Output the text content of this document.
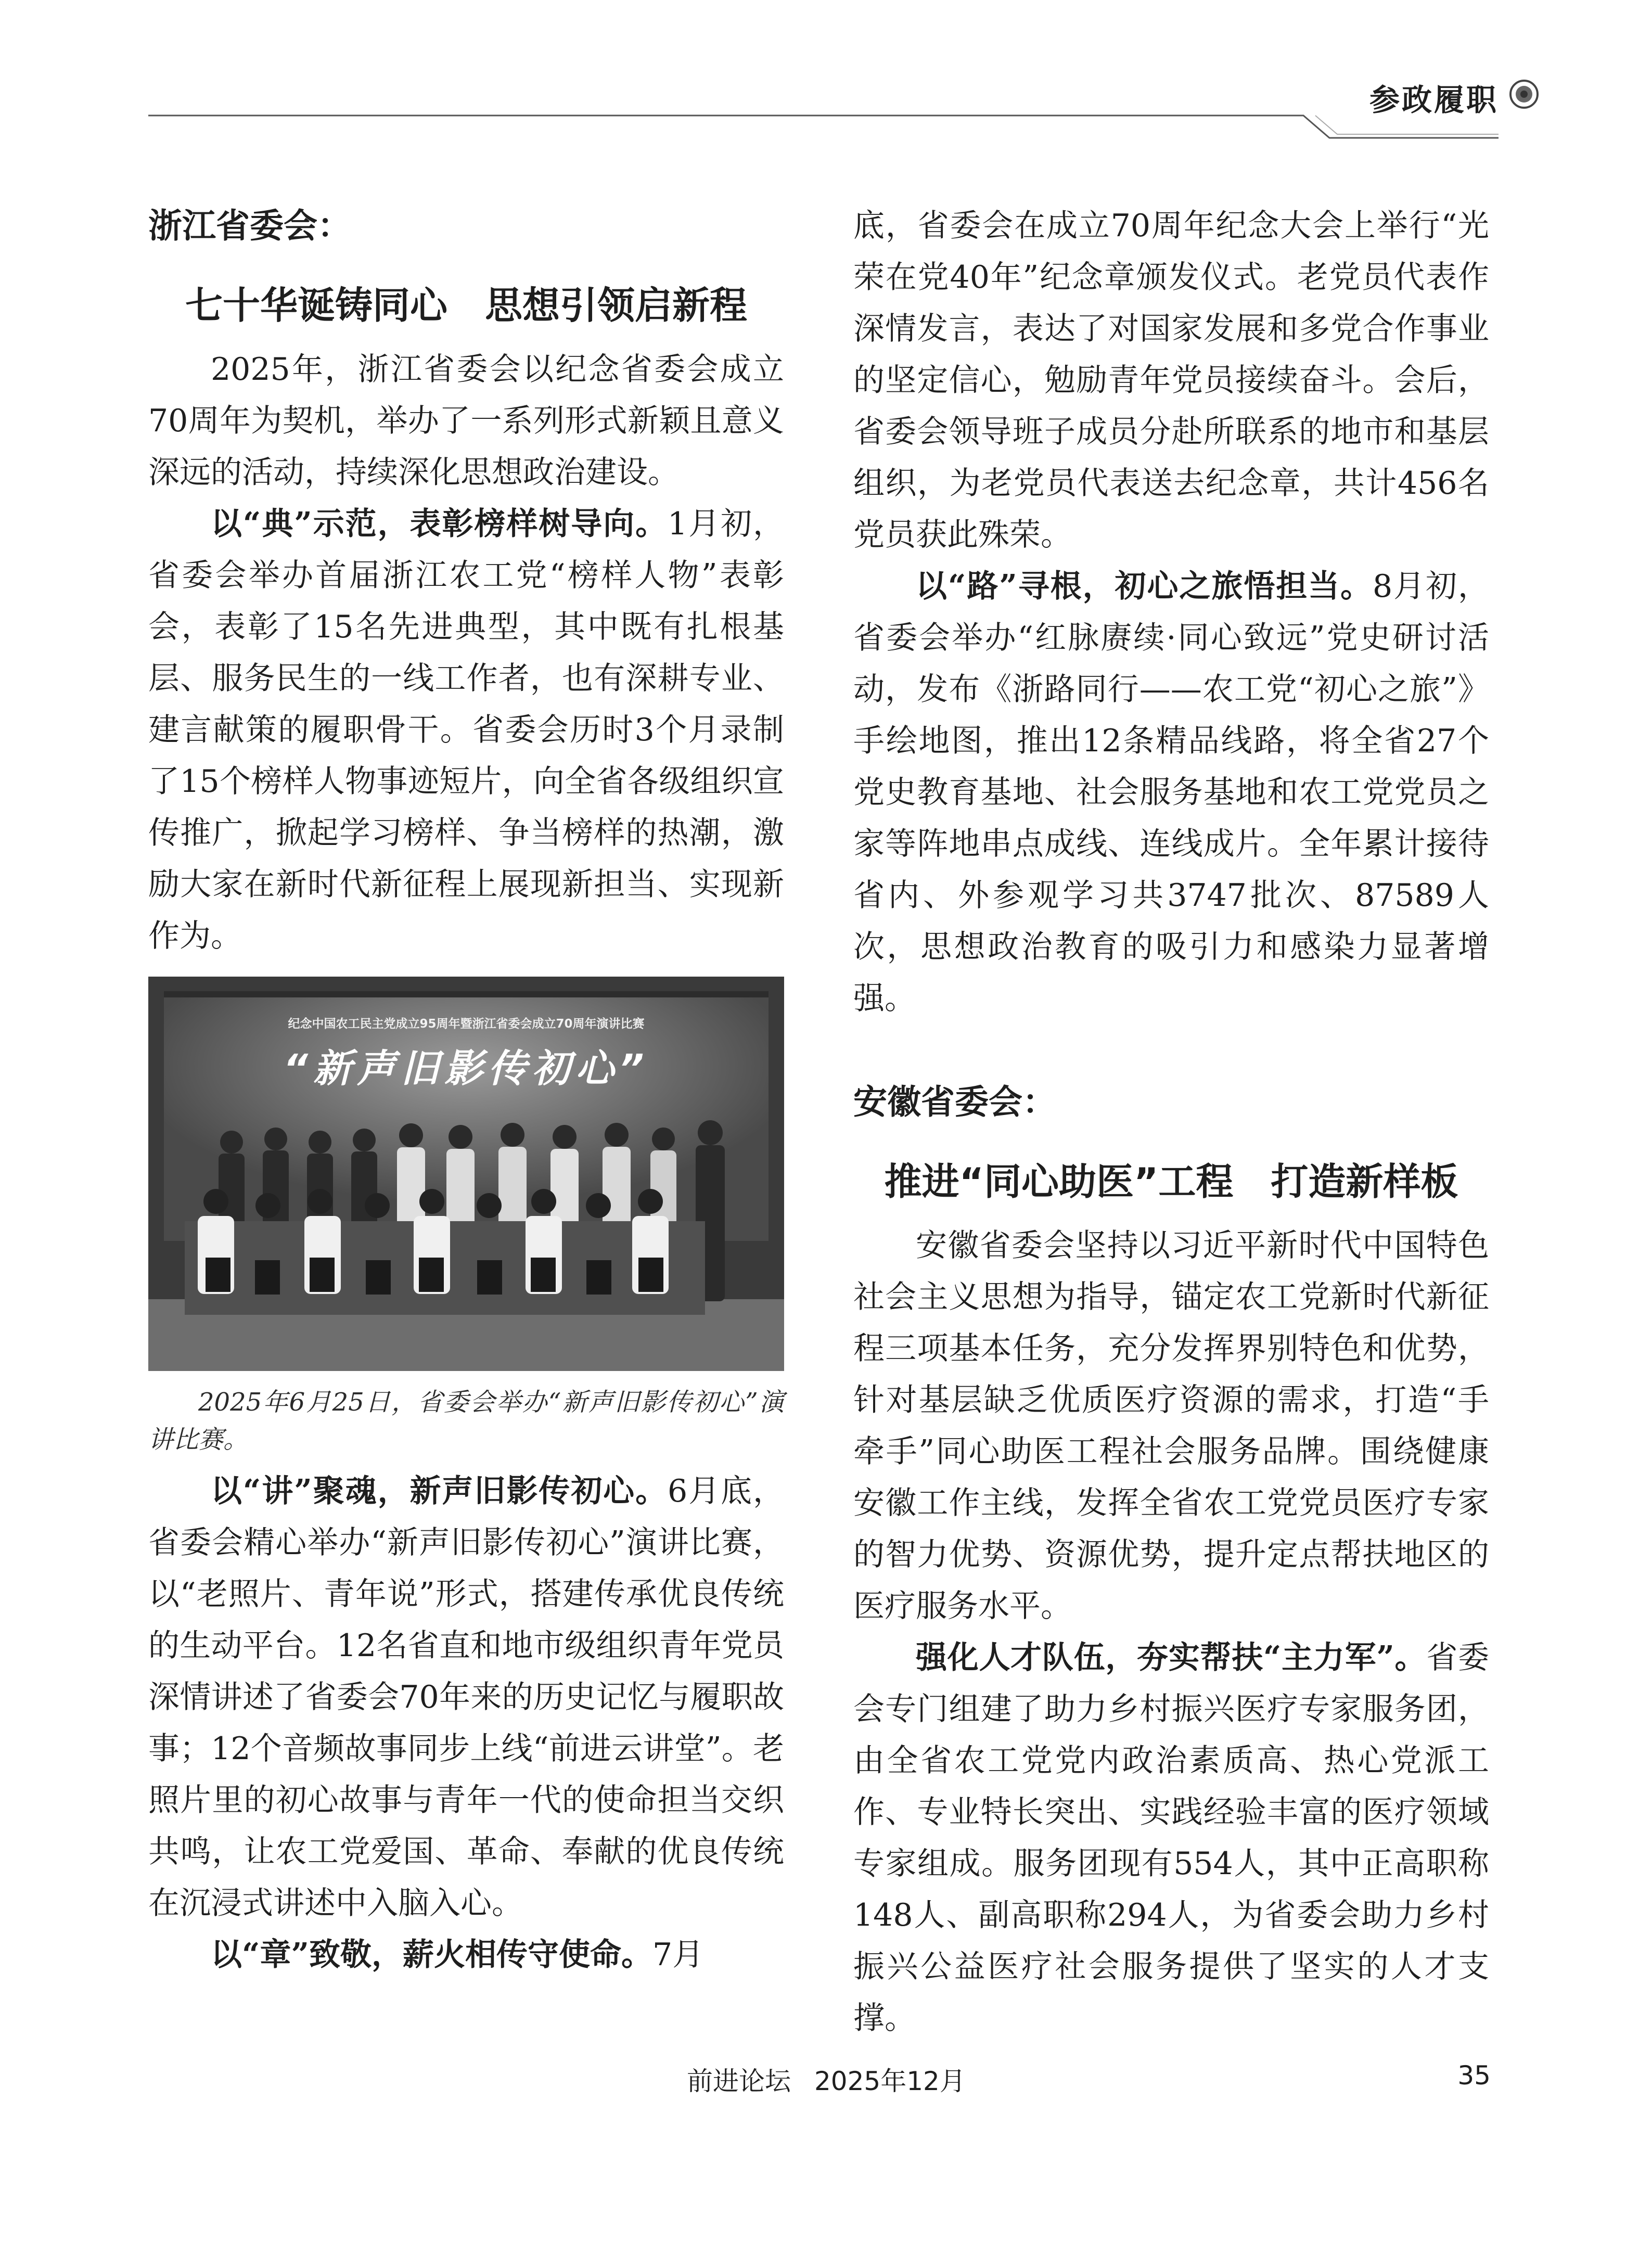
参政履职
浙江省委会：
七十华诞铸同心　思想引领启新程

2025年，浙江省委会以纪念省委会成立70周年为契机，举办了一系列形式新颖且意义深远的活动，持续深化思想政治建设。

以“典”示范，表彰榜样树导向。1月初，省委会举办首届浙江农工党“榜样人物”表彰会，表彰了15名先进典型，其中既有扎根基层、服务民生的一线工作者，也有深耕专业、建言献策的履职骨干。省委会历时3个月录制了15个榜样人物事迹短片，向全省各级组织宣传推广，掀起学习榜样、争当榜样的热潮，激励大家在新时代新征程上展现新担当、实现新作为。

纪念中国农工民主党成立95周年暨浙江省委会成立70周年演讲比赛
“新声旧影传初心”

2025年6月25日，省委会举办“新声旧影传初心”演讲比赛。

以“讲”聚魂，新声旧影传初心。6月底，省委会精心举办“新声旧影传初心”演讲比赛，以“老照片、青年说”形式，搭建传承优良传统的生动平台。12名省直和地市级组织青年党员深情讲述了省委会70年来的历史记忆与履职故事；12个音频故事同步上线“前进云讲堂”。老照片里的初心故事与青年一代的使命担当交织共鸣，让农工党爱国、革命、奉献的优良传统在沉浸式讲述中入脑入心。

以“章”致敬，薪火相传守使命。7月

底，省委会在成立70周年纪念大会上举行“光荣在党40年”纪念章颁发仪式。老党员代表作深情发言，表达了对国家发展和多党合作事业的坚定信心，勉励青年党员接续奋斗。会后，省委会领导班子成员分赴所联系的地市和基层组织，为老党员代表送去纪念章，共计456名党员获此殊荣。

以“路”寻根，初心之旅悟担当。8月初，省委会举办“红脉赓续·同心致远”党史研讨活动，发布《浙路同行——农工党“初心之旅”》手绘地图，推出12条精品线路，将全省27个党史教育基地、社会服务基地和农工党党员之家等阵地串点成线、连线成片。全年累计接待省内、外参观学习共3747批次、87589人次，思想政治教育的吸引力和感染力显著增强。

安徽省委会：
推进“同心助医”工程　打造新样板

安徽省委会坚持以习近平新时代中国特色社会主义思想为指导，锚定农工党新时代新征程三项基本任务，充分发挥界别特色和优势，针对基层缺乏优质医疗资源的需求，打造“手牵手”同心助医工程社会服务品牌。围绕健康安徽工作主线，发挥全省农工党党员医疗专家的智力优势、资源优势，提升定点帮扶地区的医疗服务水平。

强化人才队伍，夯实帮扶“主力军”。省委会专门组建了助力乡村振兴医疗专家服务团，由全省农工党党内政治素质高、热心党派工作、专业特长突出、实践经验丰富的医疗领域专家组成。服务团现有554人，其中正高职称148人、副高职称294人，为省委会助力乡村振兴公益医疗社会服务提供了坚实的人才支撑。

前进论坛 2025年12月	35
